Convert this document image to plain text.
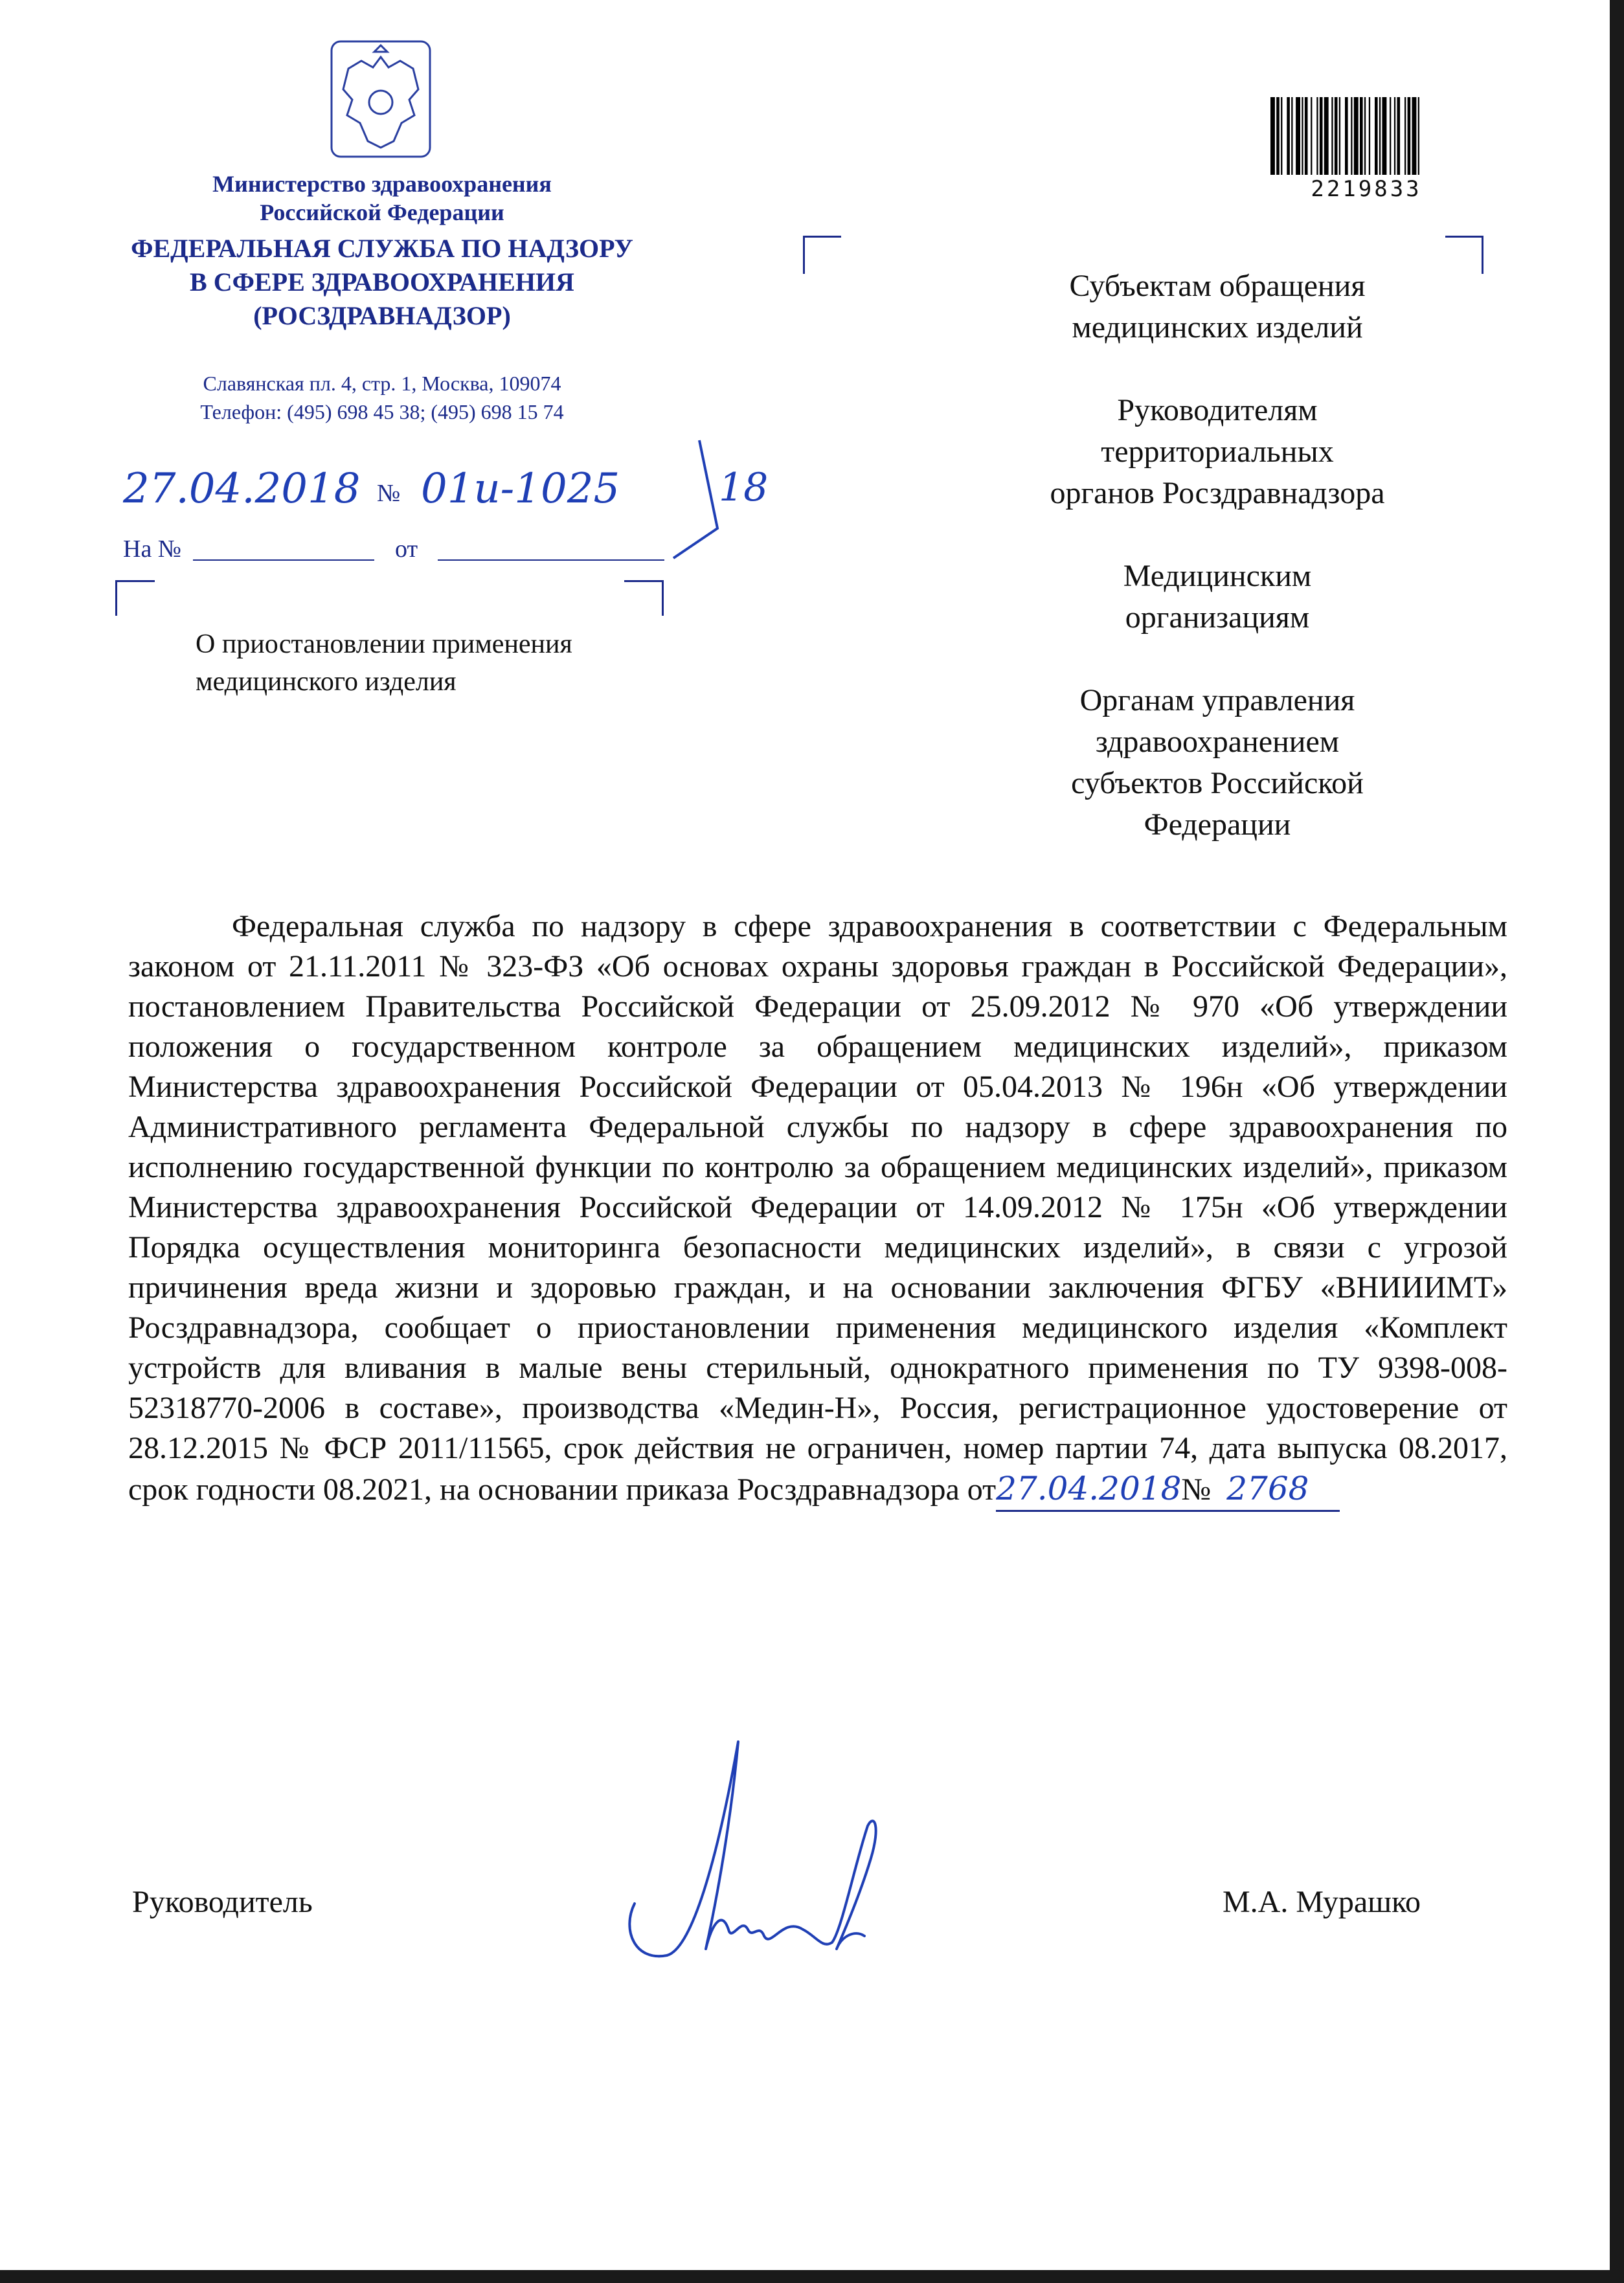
Министерство здравоохранения
Российской Федерации
ФЕДЕРАЛЬНАЯ СЛУЖБА ПО НАДЗОРУ
В СФЕРЕ ЗДРАВООХРАНЕНИЯ
(РОСЗДРАВНАДЗОР)
Славянская пл. 4, стр. 1, Москва, 109074
Телефон: (495) 698 45 38; (495) 698 15 74
27.04.2018 № 01и-1025	18
На №	от
О приостановлении применения
медицинского изделия
2219833
Субъектам обращения
медицинских изделий
Руководителям
территориальных
органов Росздравнадзора
Медицинским
организациям
Органам управления
здравоохранением
субъектов Российской
Федерации
Федеральная служба по надзору в сфере здравоохранения в соответствии с Федеральным законом от 21.11.2011 № 323-ФЗ «Об основах охраны здоровья граждан в Российской Федерации», постановлением Правительства Российской Федерации от 25.09.2012 № 970 «Об утверждении положения о государственном контроле за обращением медицинских изделий», приказом Министерства здравоохранения Российской Федерации от 05.04.2013 № 196н «Об утверждении Административного регламента Федеральной службы по надзору в сфере здравоохранения по исполнению государственной функции по контролю за обращением медицинских изделий», приказом Министерства здравоохранения Российской Федерации от 14.09.2012 № 175н «Об утверждении Порядка осуществления мониторинга безопасности медицинских изделий», в связи с угрозой причинения вреда жизни и здоровью граждан, и на основании заключения ФГБУ «ВНИИИМТ» Росздравнадзора, сообщает о приостановлении применения медицинского изделия «Комплект устройств для вливания в малые вены стерильный, однократного применения по ТУ 9398-008-52318770-2006 в составе», производства «Медин-Н», Россия, регистрационное удостоверение от 28.12.2015 № ФСР 2011/11565, срок действия не ограничен, номер партии 74, дата выпуска 08.2017, срок годности 08.2021, на основании приказа Росздравнадзора от27.04.2018№ 2768
Руководитель	М.А. Мурашко
